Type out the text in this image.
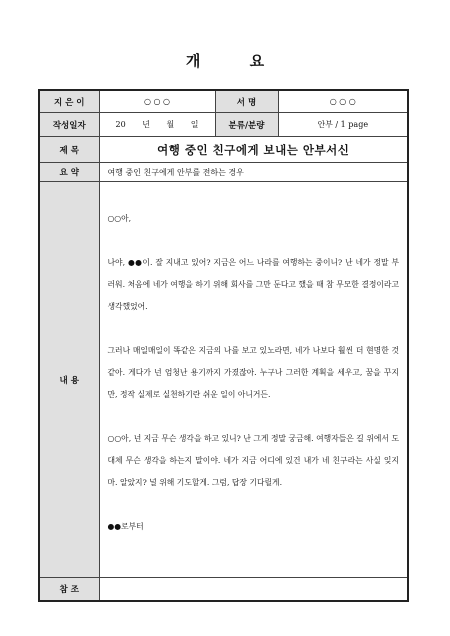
개 요
지 은 이	○ ○ ○	서 명	○ ○ ○
작성일자	20 년 월 일	분류/분량	안부 / 1 page
제 목	여행 중인 친구에게 보내는 안부서신		
요 약	여행 중인 친구에게 안부를 전하는 경우		
내 용	○○아,

나야, ●●이. 잘 지내고 있어? 지금은 어느 나라를 여행하는 중이니? 난 네가 정말 부러워. 처음에 네가 여행을 하기 위해 회사를 그만 둔다고 했을 때 참 무모한 결정이라고 생각했었어.

그러나 매일매일이 똑같은 지금의 나를 보고 있노라면, 네가 나보다 훨씬 더 현명한 것 같아. 게다가 넌 엄청난 용기까지 가졌잖아. 누구나 그러한 계획을 세우고, 꿈을 꾸지만, 정작 실제로 실천하기란 쉬운 일이 아니거든.

○○아, 넌 지금 무슨 생각을 하고 있니? 난 그게 정말 궁금해. 여행자들은 길 위에서 도대체 무슨 생각을 하는지 말이야. 네가 지금 어디에 있건 내가 네 친구라는 사실 잊지마. 알았지? 널 위해 기도할게. 그럼, 답장 기다릴게.

●●로부터		

참 조			
